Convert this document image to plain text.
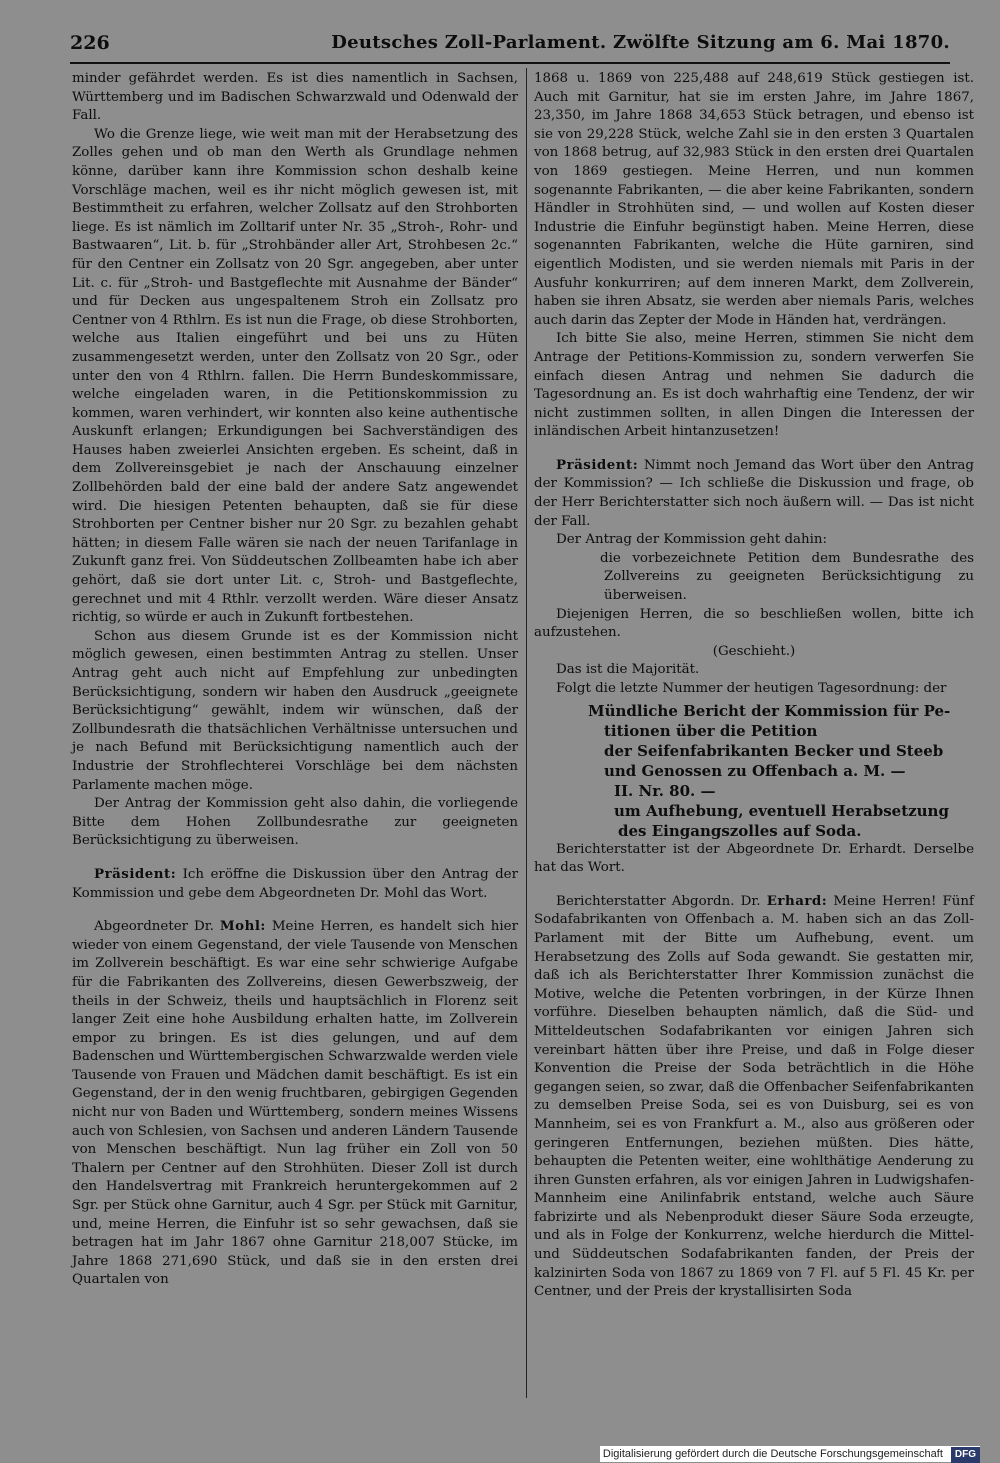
226	Deutsches Zoll-Parlament. Zwölfte Sitzung am 6. Mai 1870.

minder gefährdet werden. Es ist dies namentlich in Sachsen, Württemberg und im Badischen Schwarzwald und Odenwald der Fall.

Wo die Grenze liege, wie weit man mit der Herabsetzung des Zolles gehen und ob man den Werth als Grundlage nehmen könne, darüber kann ihre Kommission schon deshalb keine Vorschläge machen, weil es ihr nicht möglich gewesen ist, mit Bestimmtheit zu erfahren, welcher Zollsatz auf den Strohborten liege. Es ist nämlich im Zolltarif unter Nr. 35 „Stroh-, Rohr- und Bastwaaren“, Lit. b. für „Strohbänder aller Art, Strohbesen 2c.“ für den Centner ein Zollsatz von 20 Sgr. angegeben, aber unter Lit. c. für „Stroh- und Bastgeflechte mit Ausnahme der Bänder“ und für Decken aus ungespaltenem Stroh ein Zollsatz pro Centner von 4 Rthlrn. Es ist nun die Frage, ob diese Strohborten, welche aus Italien eingeführt und bei uns zu Hüten zusammengesetzt werden, unter den Zollsatz von 20 Sgr., oder unter den von 4 Rthlrn. fallen. Die Herrn Bundeskommissare, welche eingeladen waren, in die Petitionskommission zu kommen, waren verhindert, wir konnten also keine authentische Auskunft erlangen; Erkundigungen bei Sachverständigen des Hauses haben zweierlei Ansichten ergeben. Es scheint, daß in dem Zollvereinsgebiet je nach der Anschauung einzelner Zollbehörden bald der eine bald der andere Satz angewendet wird. Die hiesigen Petenten behaupten, daß sie für diese Strohborten per Centner bisher nur 20 Sgr. zu bezahlen gehabt hätten; in diesem Falle wären sie nach der neuen Tarifanlage in Zukunft ganz frei. Von Süddeutschen Zollbeamten habe ich aber gehört, daß sie dort unter Lit. c, Stroh- und Bastgeflechte, gerechnet und mit 4 Rthlr. verzollt werden. Wäre dieser Ansatz richtig, so würde er auch in Zukunft fortbestehen.

Schon aus diesem Grunde ist es der Kommission nicht möglich gewesen, einen bestimmten Antrag zu stellen. Unser Antrag geht auch nicht auf Empfehlung zur unbedingten Berücksichtigung, sondern wir haben den Ausdruck „geeignete Berücksichtigung“ gewählt, indem wir wünschen, daß der Zollbundesrath die thatsächlichen Verhältnisse untersuchen und je nach Befund mit Berücksichtigung namentlich auch der Industrie der Strohflechterei Vorschläge bei dem nächsten Parlamente machen möge.

Der Antrag der Kommission geht also dahin, die vorliegende Bitte dem Hohen Zollbundesrathe zur geeigneten Berücksichtigung zu überweisen.

Präsident: Ich eröffne die Diskussion über den Antrag der Kommission und gebe dem Abgeordneten Dr. Mohl das Wort.

Abgeordneter Dr. Mohl: Meine Herren, es handelt sich hier wieder von einem Gegenstand, der viele Tausende von Menschen im Zollverein beschäftigt. Es war eine sehr schwierige Aufgabe für die Fabrikanten des Zollvereins, diesen Gewerbszweig, der theils in der Schweiz, theils und hauptsächlich in Florenz seit langer Zeit eine hohe Ausbildung erhalten hatte, im Zollverein empor zu bringen. Es ist dies gelungen, und auf dem Badenschen und Württembergischen Schwarzwalde werden viele Tausende von Frauen und Mädchen damit beschäftigt. Es ist ein Gegenstand, der in den wenig fruchtbaren, gebirgigen Gegenden nicht nur von Baden und Württemberg, sondern meines Wissens auch von Schlesien, von Sachsen und anderen Ländern Tausende von Menschen beschäftigt. Nun lag früher ein Zoll von 50 Thalern per Centner auf den Strohhüten. Dieser Zoll ist durch den Handelsvertrag mit Frankreich heruntergekommen auf 2 Sgr. per Stück ohne Garnitur, auch 4 Sgr. per Stück mit Garnitur, und, meine Herren, die Einfuhr ist so sehr gewachsen, daß sie betragen hat im Jahr 1867 ohne Garnitur 218,007 Stücke, im Jahre 1868 271,690 Stück, und daß sie in den ersten drei Quartalen von

1868 u. 1869 von 225,488 auf 248,619 Stück gestiegen ist. Auch mit Garnitur, hat sie im ersten Jahre, im Jahre 1867, 23,350, im Jahre 1868 34,653 Stück betragen, und ebenso ist sie von 29,228 Stück, welche Zahl sie in den ersten 3 Quartalen von 1868 betrug, auf 32,983 Stück in den ersten drei Quartalen von 1869 gestiegen. Meine Herren, und nun kommen sogenannte Fabrikanten, — die aber keine Fabrikanten, sondern Händler in Strohhüten sind, — und wollen auf Kosten dieser Industrie die Einfuhr begünstigt haben. Meine Herren, diese sogenannten Fabrikanten, welche die Hüte garniren, sind eigentlich Modisten, und sie werden niemals mit Paris in der Ausfuhr konkurriren; auf dem inneren Markt, dem Zollverein, haben sie ihren Absatz, sie werden aber niemals Paris, welches auch darin das Zepter der Mode in Händen hat, verdrängen.

Ich bitte Sie also, meine Herren, stimmen Sie nicht dem Antrage der Petitions-Kommission zu, sondern verwerfen Sie einfach diesen Antrag und nehmen Sie dadurch die Tagesordnung an. Es ist doch wahrhaftig eine Tendenz, der wir nicht zustimmen sollten, in allen Dingen die Interessen der inländischen Arbeit hintanzusetzen!

Präsident: Nimmt noch Jemand das Wort über den Antrag der Kommission? — Ich schließe die Diskussion und frage, ob der Herr Berichterstatter sich noch äußern will. — Das ist nicht der Fall.

Der Antrag der Kommission geht dahin:

die vorbezeichnete Petition dem Bundesrathe des Zollvereins zu geeigneten Berücksichtigung zu überweisen.

Diejenigen Herren, die so beschließen wollen, bitte ich aufzustehen.

(Geschieht.)

Das ist die Majorität.

Folgt die letzte Nummer der heutigen Tagesordnung: der

Mündliche Bericht der Kommission für Pe-
titionen über die Petition
der Seifenfabrikanten Becker und Steeb
und Genossen zu Offenbach a. M. —
II. Nr. 80. —
um Aufhebung, eventuell Herabsetzung
des Eingangszolles auf Soda.

Berichterstatter ist der Abgeordnete Dr. Erhardt. Derselbe hat das Wort.

Berichterstatter Abgordn. Dr. Erhard: Meine Herren! Fünf Sodafabrikanten von Offenbach a. M. haben sich an das Zoll-Parlament mit der Bitte um Aufhebung, event. um Herabsetzung des Zolls auf Soda gewandt. Sie gestatten mir, daß ich als Berichterstatter Ihrer Kommission zunächst die Motive, welche die Petenten vorbringen, in der Kürze Ihnen vorführe. Dieselben behaupten nämlich, daß die Süd- und Mitteldeutschen Sodafabrikanten vor einigen Jahren sich vereinbart hätten über ihre Preise, und daß in Folge dieser Konvention die Preise der Soda beträchtlich in die Höhe gegangen seien, so zwar, daß die Offenbacher Seifenfabrikanten zu demselben Preise Soda, sei es von Duisburg, sei es von Mannheim, sei es von Frankfurt a. M., also aus größeren oder geringeren Entfernungen, beziehen müßten. Dies hätte, behaupten die Petenten weiter, eine wohlthätige Aenderung zu ihren Gunsten erfahren, als vor einigen Jahren in Ludwigshafen-Mannheim eine Anilinfabrik entstand, welche auch Säure fabrizirte und als Nebenprodukt dieser Säure Soda erzeugte, und als in Folge der Konkurrenz, welche hierdurch die Mittel- und Süddeutschen Sodafabrikanten fanden, der Preis der kalzinirten Soda von 1867 zu 1869 von 7 Fl. auf 5 Fl. 45 Kr. per Centner, und der Preis der krystallisirten Soda

Digitalisierung gefördert durch die Deutsche Forschungsgemeinschaft DFG
